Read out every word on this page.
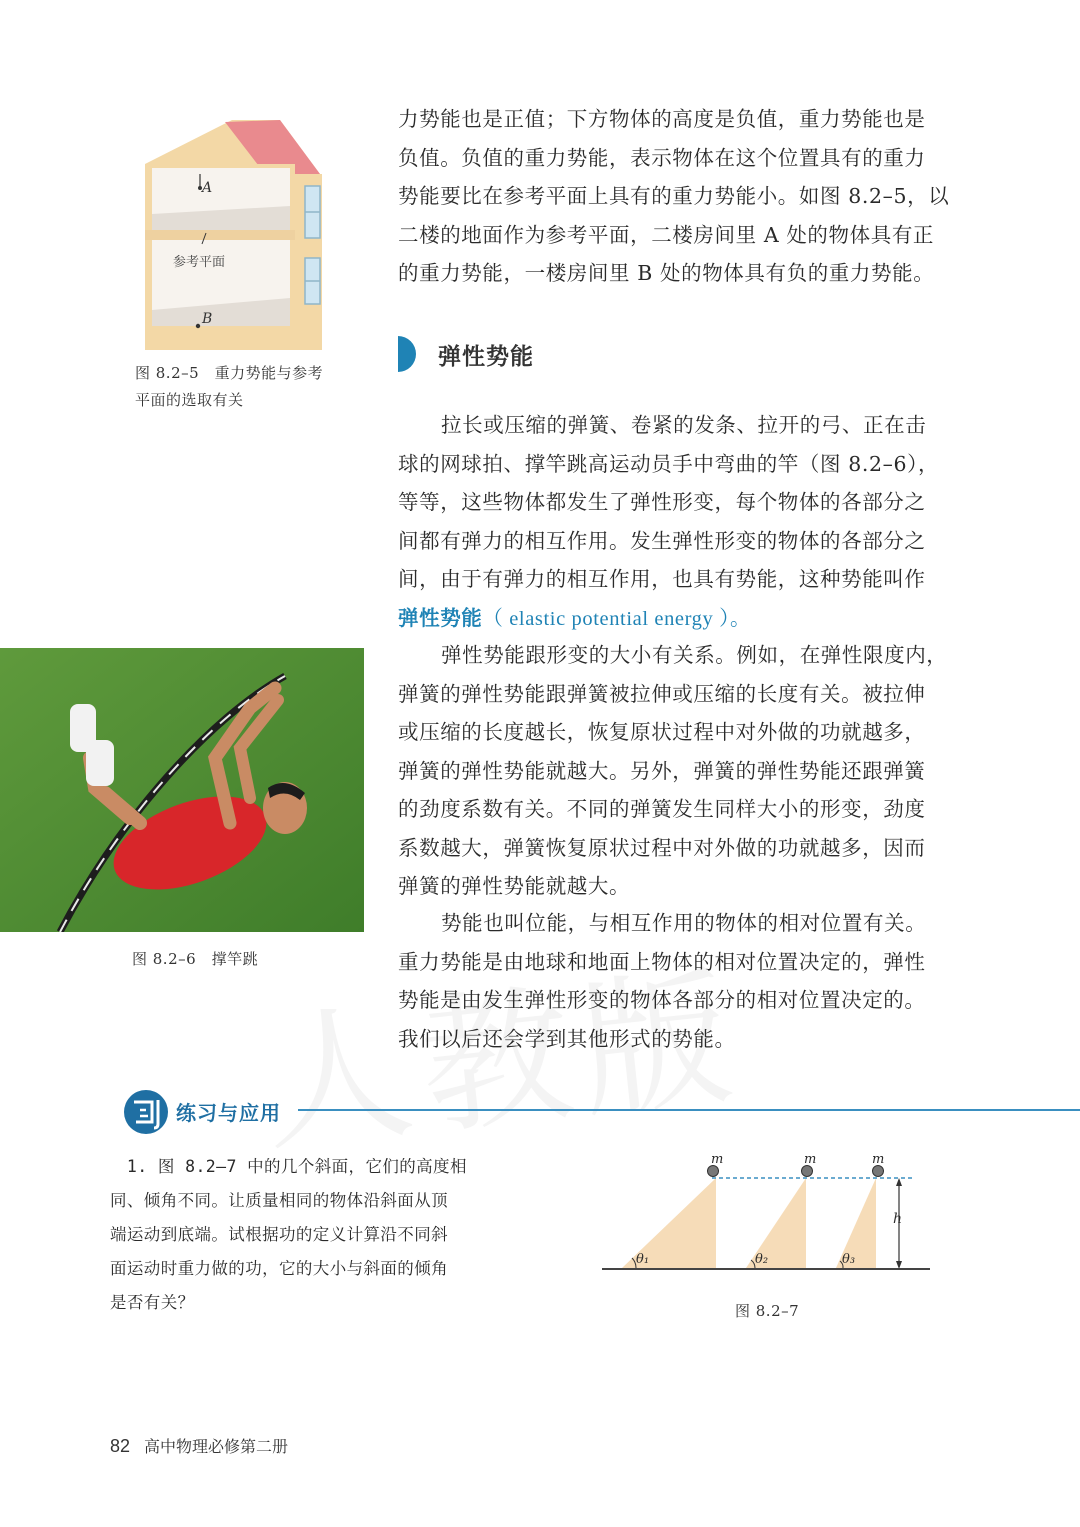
A
参考平面
B
图 8.2–5　重力势能与参考
平面的选取有关
力势能也是正值；下方物体的高度是负值，重力势能也是
负值。负值的重力势能，表示物体在这个位置具有的重力
势能要比在参考平面上具有的重力势能小。如图 8.2–5，以
二楼的地面作为参考平面，二楼房间里 A 处的物体具有正
的重力势能，一楼房间里 B 处的物体具有负的重力势能。
弹性势能
拉长或压缩的弹簧、卷紧的发条、拉开的弓、正在击
球的网球拍、撑竿跳高运动员手中弯曲的竿（图 8.2–6），
等等，这些物体都发生了弹性形变，每个物体的各部分之
间都有弹力的相互作用。发生弹性形变的物体的各部分之
间，由于有弹力的相互作用，也具有势能，这种势能叫作
弹性势能（ elastic potential energy ）。
弹性势能跟形变的大小有关系。例如，在弹性限度内，
弹簧的弹性势能跟弹簧被拉伸或压缩的长度有关。被拉伸
或压缩的长度越长，恢复原状过程中对外做的功就越多，
弹簧的弹性势能就越大。另外，弹簧的弹性势能还跟弹簧
的劲度系数有关。不同的弹簧发生同样大小的形变，劲度
系数越大，弹簧恢复原状过程中对外做的功就越多，因而
弹簧的弹性势能就越大。
势能也叫位能，与相互作用的物体的相对位置有关。
重力势能是由地球和地面上物体的相对位置决定的，弹性
势能是由发生弹性形变的物体各部分的相对位置决定的。
我们以后还会学到其他形式的势能。
图 8.2–6　撑竿跳
练习与应用
　1. 图 8.2–7 中的几个斜面，它们的高度相
同、倾角不同。让质量相同的物体沿斜面从顶
端运动到底端。试根据功的定义计算沿不同斜
面运动时重力做的功，它的大小与斜面的倾角
是否有关？
m	m	m
h
θ₁	θ₂	θ₃
图 8.2–7
82 高中物理必修第二册
